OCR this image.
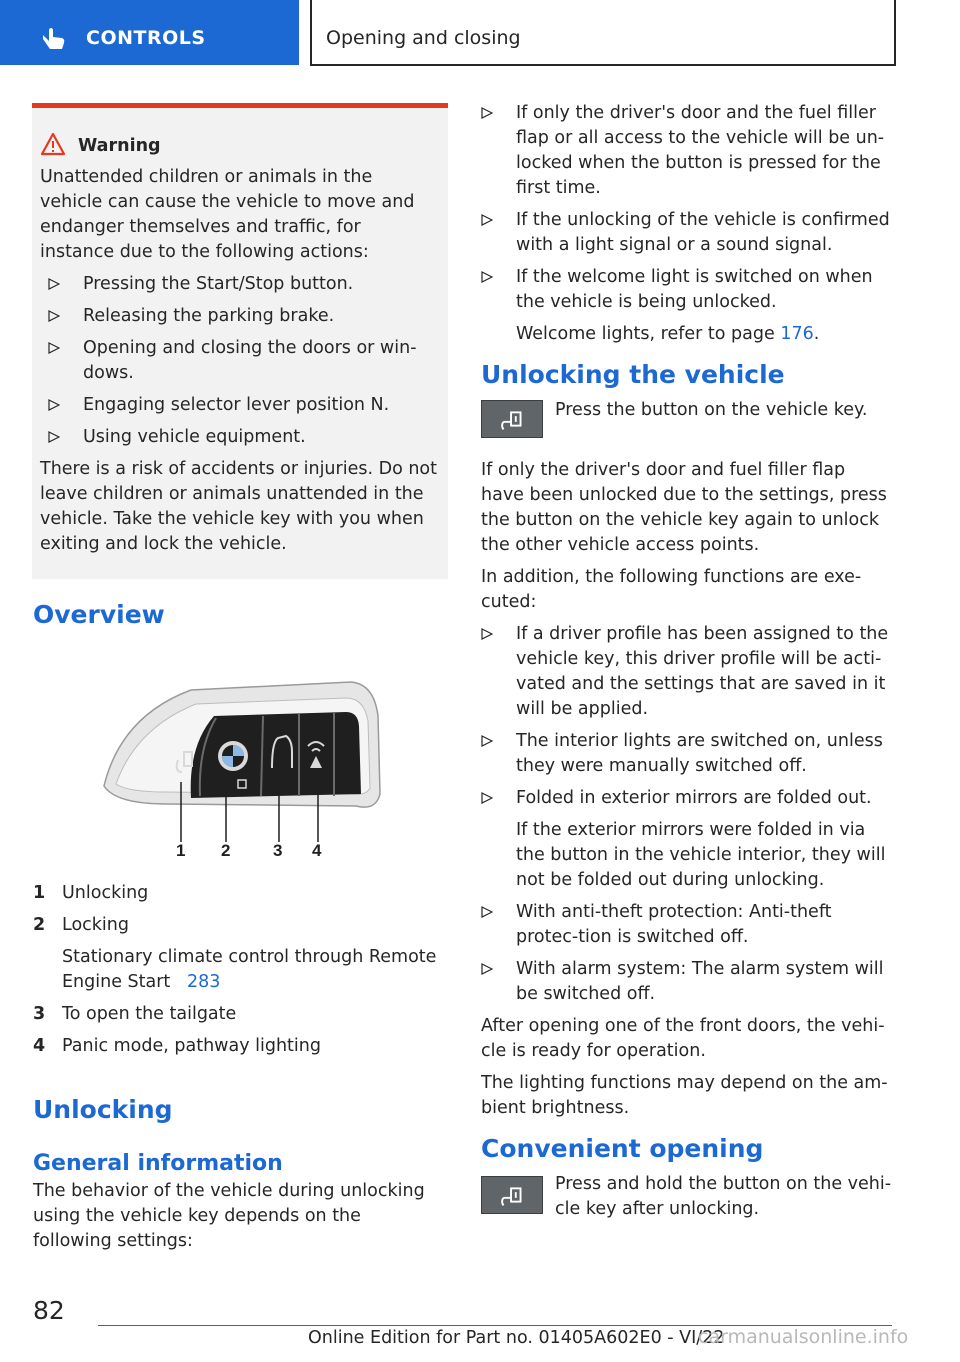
CONTROLS	Opening and closing
Warning

Unattended children or animals in the vehicle can cause the vehicle to move and endanger themselves and traffic, for instance due to the following actions:

Pressing the Start/Stop button.
Releasing the parking brake.
Opening and closing the doors or win-dows.
Engaging selector lever position N.
Using vehicle equipment.

There is a risk of accidents or injuries. Do not leave children or animals unattended in the vehicle. Take the vehicle key with you when exiting and lock the vehicle.

Overview
1 2	3 4
1 Unlocking
2 Locking
Stationary climate control through Remote Engine Start 283
3 To open the tailgate
4 Panic mode, pathway lighting
Unlocking
General information

The behavior of the vehicle during unlocking using the vehicle key depends on the following settings:

If only the driver's door and the fuel filler flap or all access to the vehicle will be un-locked when the button is pressed for the first time.
If the unlocking of the vehicle is confirmed with a light signal or a sound signal.
If the welcome light is switched on when the vehicle is being unlocked.
Welcome lights, refer to page 176.
Unlocking the vehicle

Press the button on the vehicle key.

If only the driver's door and fuel filler flap have been unlocked due to the settings, press the button on the vehicle key again to unlock the other vehicle access points.

In addition, the following functions are exe-cuted:

If a driver profile has been assigned to the vehicle key, this driver profile will be acti-vated and the settings that are saved in it will be applied.
The interior lights are switched on, unless they were manually switched off.
Folded in exterior mirrors are folded out.
If the exterior mirrors were folded in via the button in the vehicle interior, they will not be folded out during unlocking.
With anti-theft protection: Anti-theft protec-tion is switched off.
With alarm system: The alarm system will be switched off.

After opening one of the front doors, the vehi-cle is ready for operation.

The lighting functions may depend on the am-bient brightness.

Convenient opening

Press and hold the button on the vehi-cle key after unlocking.

82
Online Edition for Part no. 01405A602E0 - VI/22
carmanualsonline.info
